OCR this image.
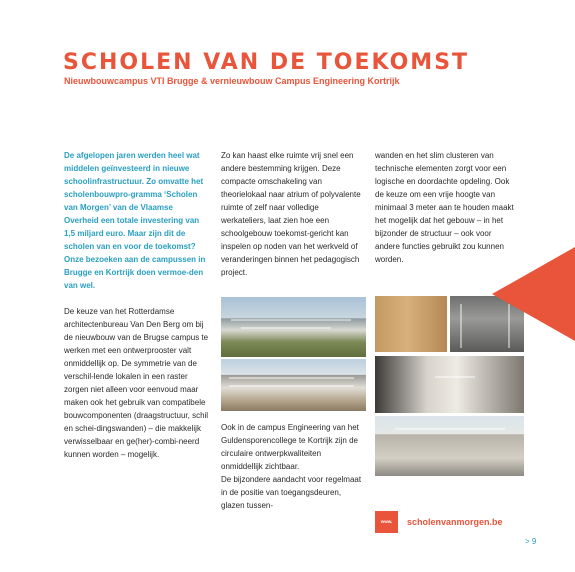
SCHOLEN VAN DE TOEKOMST

Nieuwbouwcampus VTI Brugge & vernieuwbouw Campus Engineering Kortrijk

De afgelopen jaren werden heel wat middelen geïnvesteerd in nieuwe schoolinfrastructuur. Zo omvatte het scholenbouwpro-gramma ‘Scholen van Morgen’ van de Vlaamse Overheid een totale investering van 1,5 miljard euro. Maar zijn dit de scholen van en voor de toekomst? Onze bezoeken aan de campussen in Brugge en Kortrijk doen vermoe-den van wel.

De keuze van het Rotterdamse architectenbureau Van Den Berg om bij de nieuwbouw van de Brugse campus te werken met een ontwerprooster valt onmiddellijk op. De symmetrie van de verschil-lende lokalen in een raster zorgen niet alleen voor eenvoud maar maken ook het gebruik van compatibele bouwcomponenten (draagstructuur, schil en schei-dingswanden) – die makkelijk verwisselbaar en ge(her)-combi-neerd kunnen worden – mogelijk.

Zo kan haast elke ruimte vrij snel een andere bestemming krijgen. Deze compacte omschakeling van theorielokaal naar atrium of polyvalente ruimte of zelf naar volledige werkateliers, laat zien hoe een schoolgebouw toekomst-gericht kan inspelen op noden van het werkveld of veranderingen binnen het pedagogisch project.

Ook in de campus Engineering van het Guldensporencollege te Kortrijk zijn de circulaire ontwerpkwaliteiten onmiddellijk zichtbaar.

De bijzondere aandacht voor regelmaat in de positie van toegangsdeuren, glazen tussen-

wanden en het slim clusteren van technische elementen zorgt voor een logische en doordachte opdeling. Ook de keuze om een vrije hoogte van minimaal 3 meter aan te houden maakt het mogelijk dat het gebouw – in het bijzonder de structuur – ook voor andere functies gebruikt zou kunnen worden.

www.	scholenvanmorgen.be
> 9
